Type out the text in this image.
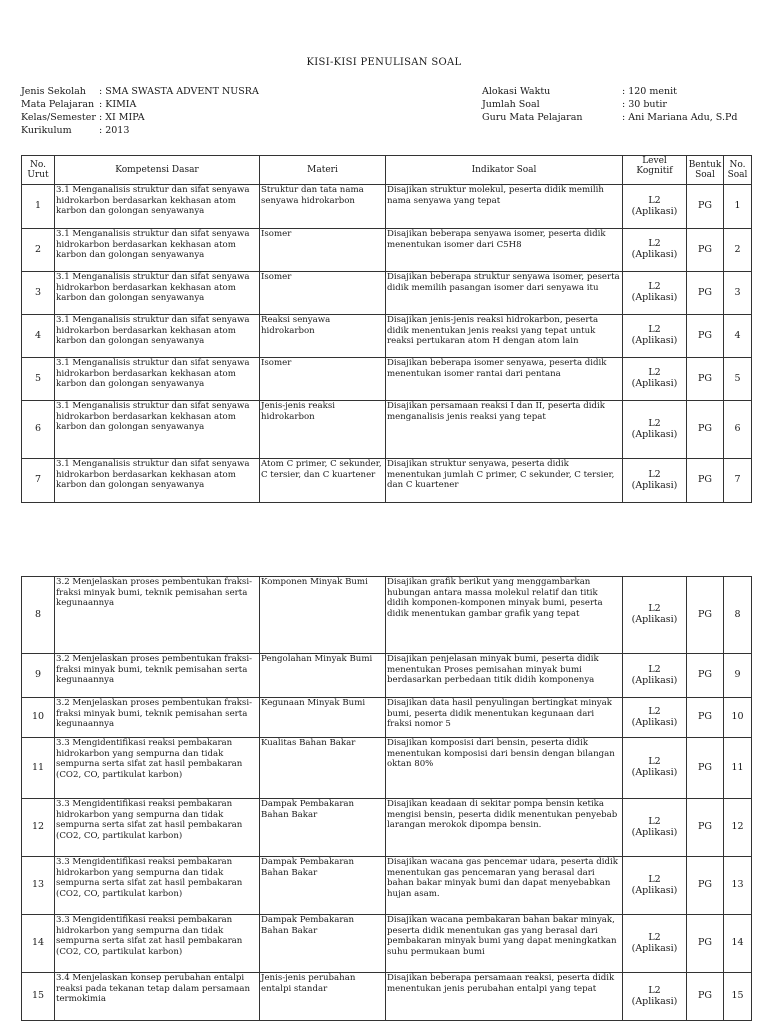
KISI-KISI PENULISAN SOAL
Jenis Sekolah	: SMA SWASTA ADVENT NUSRA
Mata Pelajaran : KIMIA
Kelas/Semester : XI MIPA
Kurikulum	: 2013
Alokasi Waktu	: 120 menit
Jumlah Soal	: 30 butir
Guru Mata Pelajaran	: Ani Mariana Adu, S.Pd
No. Urut	Kompetensi Dasar	Materi	Indikator Soal	Level Kognitif	Bentuk Soal	No. Soal
1	3.1 Menganalisis struktur dan sifat senyawa hidrokarbon berdasarkan kekhasan atom karbon dan golongan senyawanya	Struktur dan tata nama senyawa hidrokarbon	Disajikan struktur molekul, peserta didik memilih nama senyawa yang tepat	L2 (Aplikasi)	PG	1
2	3.1 Menganalisis struktur dan sifat senyawa hidrokarbon berdasarkan kekhasan atom karbon dan golongan senyawanya	Isomer	Disajikan beberapa senyawa isomer, peserta didik menentukan isomer dari C5H8	L2 (Aplikasi)	PG	2
3	3.1 Menganalisis struktur dan sifat senyawa hidrokarbon berdasarkan kekhasan atom karbon dan golongan senyawanya	Isomer	Disajikan beberapa struktur senyawa isomer, peserta didik memilih pasangan isomer dari senyawa itu	L2 (Aplikasi)	PG	3
4	3.1 Menganalisis struktur dan sifat senyawa hidrokarbon berdasarkan kekhasan atom karbon dan golongan senyawanya	Reaksi senyawa hidrokarbon	Disajikan jenis-jenis reaksi hidrokarbon, peserta didik menentukan jenis reaksi yang tepat untuk reaksi pertukaran atom H dengan atom lain	L2 (Aplikasi)	PG	4
5	3.1 Menganalisis struktur dan sifat senyawa hidrokarbon berdasarkan kekhasan atom karbon dan golongan senyawanya	Isomer	Disajikan beberapa isomer senyawa, peserta didik menentukan isomer rantai dari pentana	L2 (Aplikasi)	PG	5
6	3.1 Menganalisis struktur dan sifat senyawa hidrokarbon berdasarkan kekhasan atom karbon dan golongan senyawanya	Jenis-jenis reaksi hidrokarbon	Disajikan persamaan reaksi I dan II, peserta didik menganalisis jenis reaksi yang tepat	L2 (Aplikasi)	PG	6
7	3.1 Menganalisis struktur dan sifat senyawa hidrokarbon berdasarkan kekhasan atom karbon dan golongan senyawanya	Atom C primer, C sekunder, C tersier, dan C kuartener	Disajikan struktur senyawa, peserta didik menentukan jumlah C primer, C sekunder, C tersier, dan C kuartener	L2 (Aplikasi)	PG	7
8	3.2 Menjelaskan proses pembentukan fraksi-fraksi minyak bumi, teknik pemisahan serta kegunaannya	Komponen Minyak Bumi	Disajikan grafik berikut yang menggambarkan hubungan antara massa molekul relatif dan titik didih komponen-komponen minyak bumi, peserta didik menentukan gambar grafik yang tepat	L2 (Aplikasi)	PG	8
9	3.2 Menjelaskan proses pembentukan fraksi-fraksi minyak bumi, teknik pemisahan serta kegunaannya	Pengolahan Minyak Bumi	Disajikan penjelasan minyak bumi, peserta didik menentukan Proses pemisahan minyak bumi berdasarkan perbedaan titik didih komponenya	L2 (Aplikasi)	PG	9
10	3.2 Menjelaskan proses pembentukan fraksi-fraksi minyak bumi, teknik pemisahan serta kegunaannya	Kegunaan Minyak Bumi	Disajikan data hasil penyulingan bertingkat minyak bumi, peserta didik menentukan kegunaan dari fraksi nomor 5	L2 (Aplikasi)	PG	10
11	3.3 Mengidentifikasi reaksi pembakaran hidrokarbon yang sempurna dan tidak sempurna serta sifat zat hasil pembakaran (CO2, CO, partikulat karbon)	Kualitas Bahan Bakar	Disajikan komposisi dari bensin, peserta didik menentukan komposisi dari bensin dengan bilangan oktan 80%	L2 (Aplikasi)	PG	11
12	3.3 Mengidentifikasi reaksi pembakaran hidrokarbon yang sempurna dan tidak sempurna serta sifat zat hasil pembakaran (CO2, CO, partikulat karbon)	Dampak Pembakaran Bahan Bakar	Disajikan keadaan di sekitar pompa bensin ketika mengisi bensin, peserta didik menentukan penyebab larangan merokok dipompa bensin.	L2 (Aplikasi)	PG	12
13	3.3 Mengidentifikasi reaksi pembakaran hidrokarbon yang sempurna dan tidak sempurna serta sifat zat hasil pembakaran (CO2, CO, partikulat karbon)	Dampak Pembakaran Bahan Bakar	Disajikan wacana gas pencemar udara, peserta didik menentukan gas pencemaran yang berasal dari bahan bakar minyak bumi dan dapat menyebabkan hujan asam.	L2 (Aplikasi)	PG	13
14	3.3 Mengidentifikasi reaksi pembakaran hidrokarbon yang sempurna dan tidak sempurna serta sifat zat hasil pembakaran (CO2, CO, partikulat karbon)	Dampak Pembakaran Bahan Bakar	Disajikan wacana pembakaran bahan bakar minyak, peserta didik menentukan gas yang berasal dari pembakaran minyak bumi yang dapat meningkatkan suhu permukaan bumi	L2 (Aplikasi)	PG	14
15	3.4 Menjelaskan konsep perubahan entalpi reaksi pada tekanan tetap dalam persamaan termokimia	Jenis-jenis perubahan entalpi standar	Disajikan beberapa persamaan reaksi, peserta didik menentukan jenis perubahan entalpi yang tepat	L2 (Aplikasi)	PG	15
